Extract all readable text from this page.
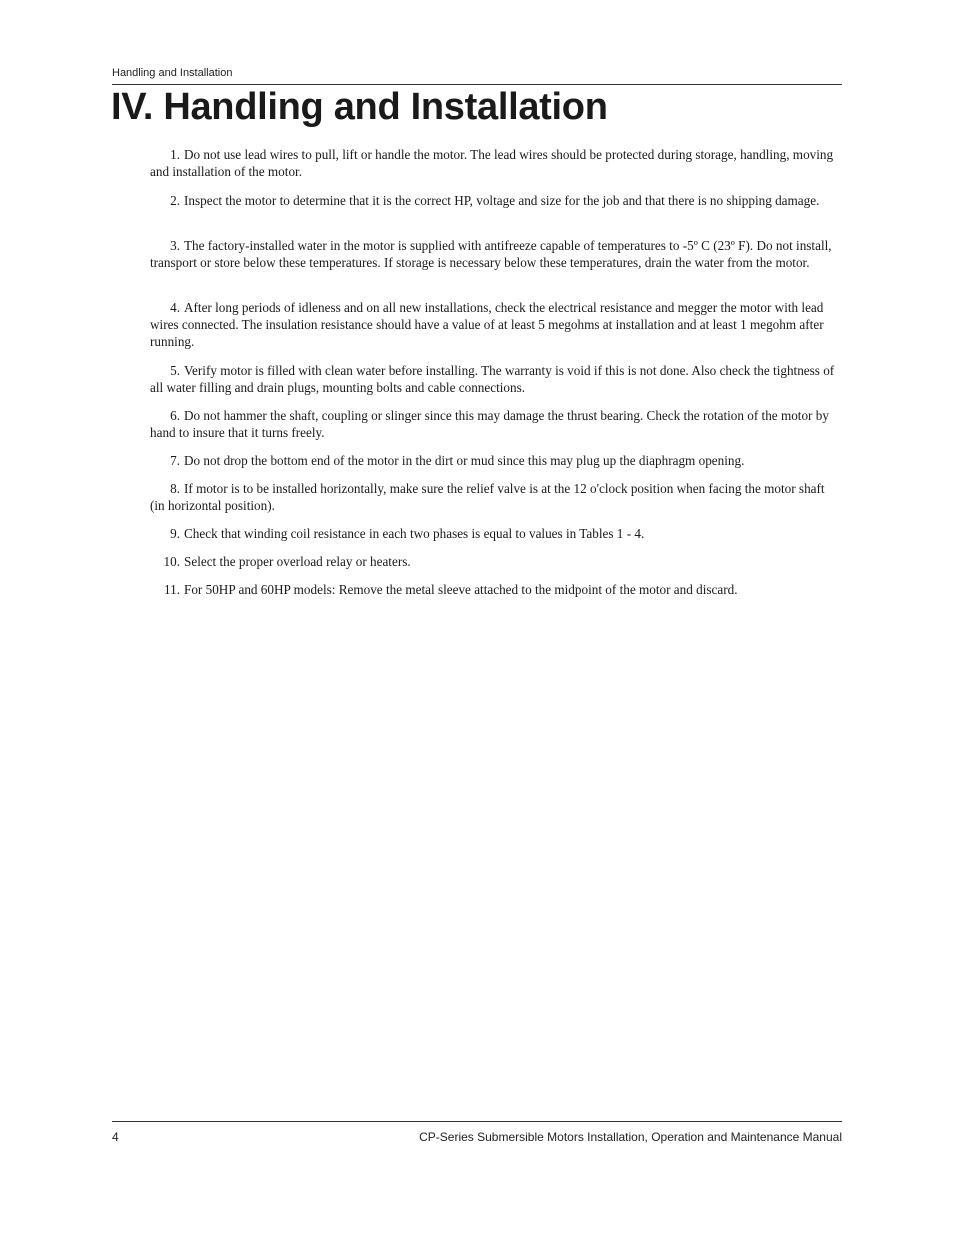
Handling and Installation
IV. Handling and Installation
1. Do not use lead wires to pull, lift or handle the motor. The lead wires should be protected during storage, handling, moving and installation of the motor.
2. Inspect the motor to determine that it is the correct HP, voltage and size for the job and that there is no shipping damage.
3. The factory-installed water in the motor is supplied with antifreeze capable of temperatures to -5º C (23º F). Do not install, transport or store below these temperatures. If storage is necessary below these temperatures, drain the water from the motor.
4. After long periods of idleness and on all new installations, check the electrical resistance and megger the motor with lead wires connected. The insulation resistance should have a value of at least 5 megohms at installation and at least 1 megohm after running.
5. Verify motor is filled with clean water before installing. The warranty is void if this is not done. Also check the tightness of all water filling and drain plugs, mounting bolts and cable connections.
6. Do not hammer the shaft, coupling or slinger since this may damage the thrust bearing. Check the rotation of the motor by hand to insure that it turns freely.
7. Do not drop the bottom end of the motor in the dirt or mud since this may plug up the diaphragm opening.
8. If motor is to be installed horizontally, make sure the relief valve is at the 12 o'clock position when facing the motor shaft (in horizontal position).
9. Check that winding coil resistance in each two phases is equal to values in Tables 1 - 4.
10. Select the proper overload relay or heaters.
11. For 50HP and 60HP models: Remove the metal sleeve attached to the midpoint of the motor and discard.
4	CP-Series Submersible Motors Installation, Operation and Maintenance Manual
